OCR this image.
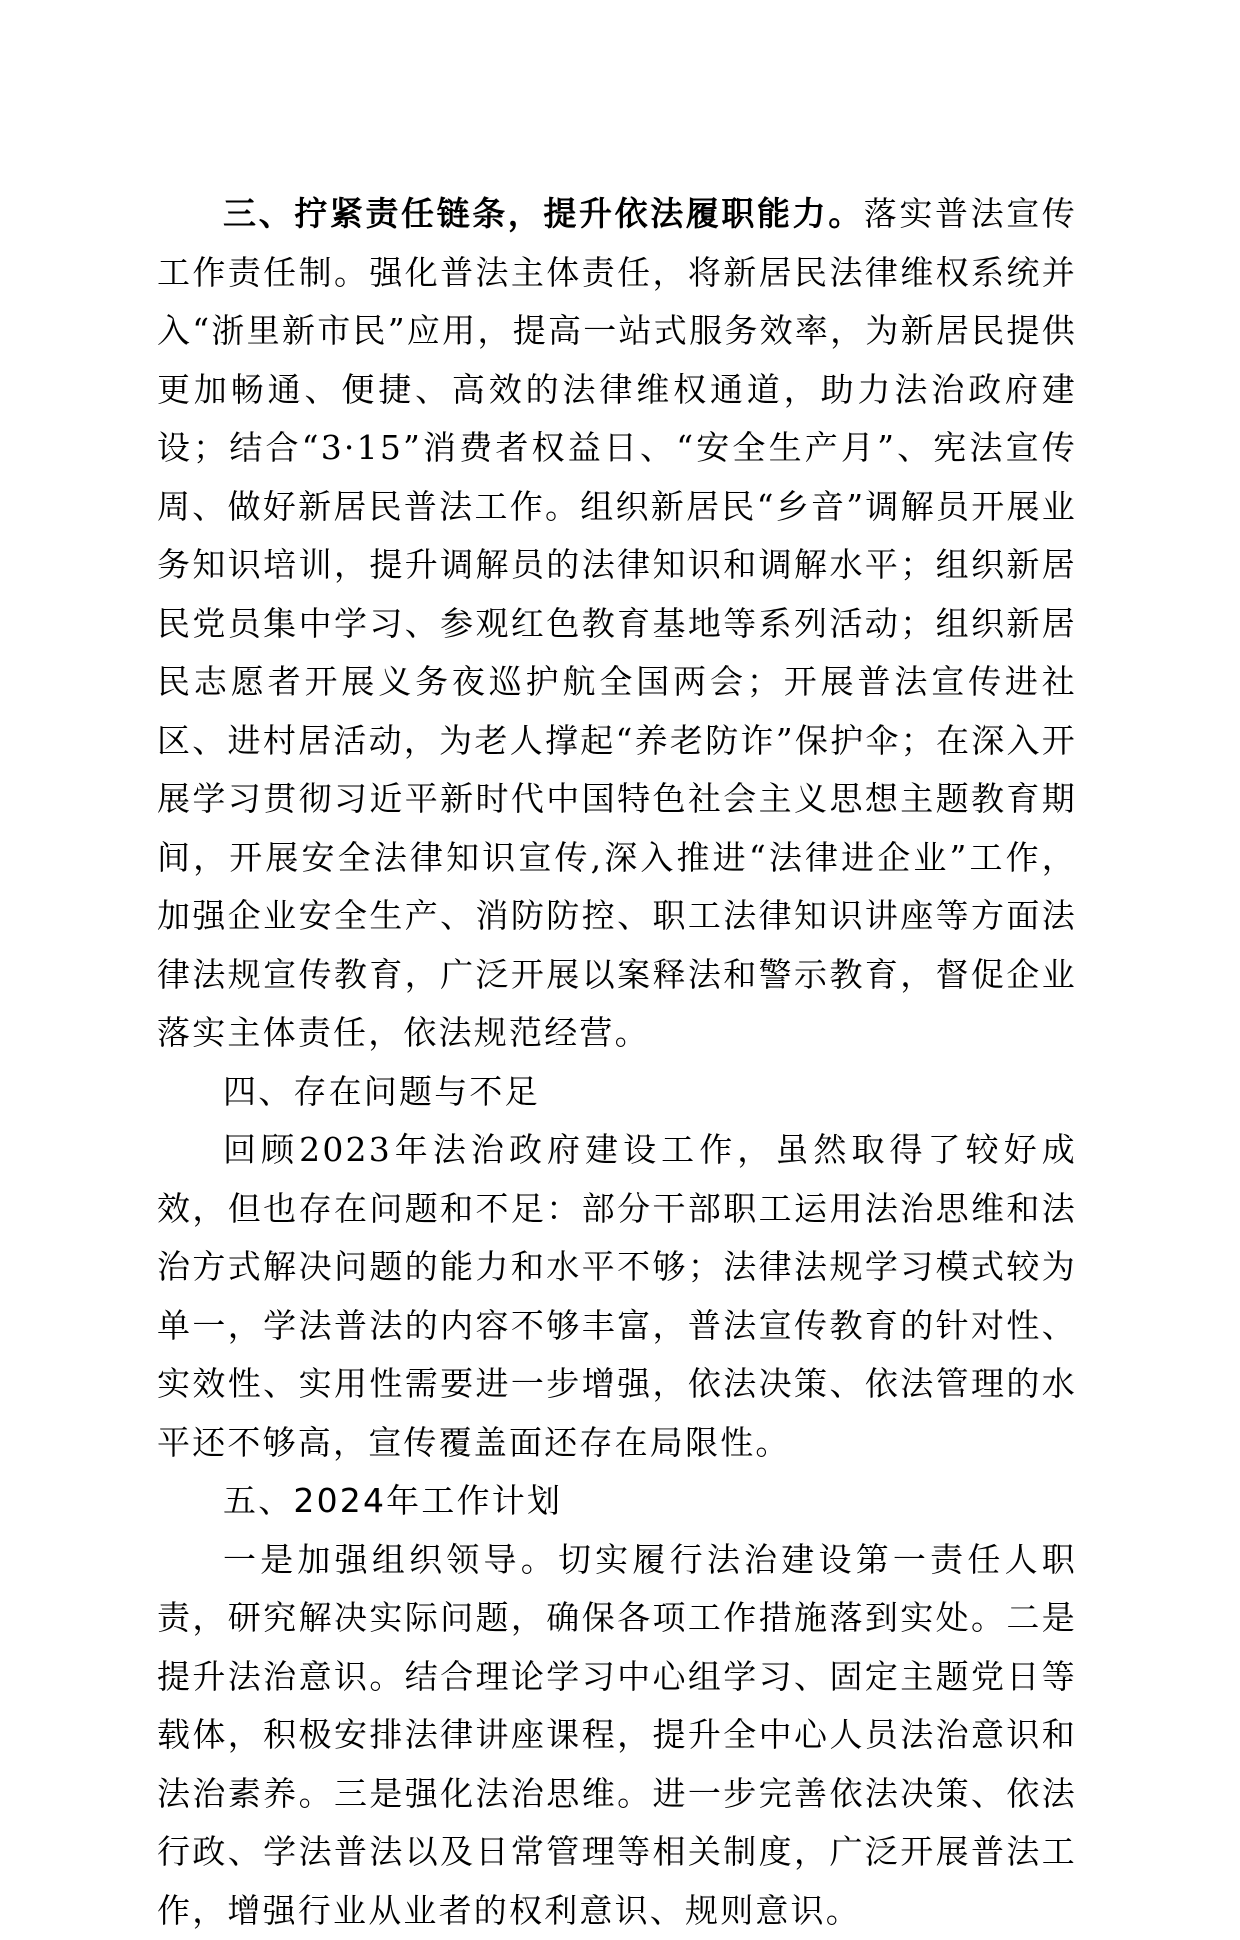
三、拧紧责任链条，提升依法履职能力。落实普法宣传工作责任制。强化普法主体责任，将新居民法律维权系统并入“浙里新市民”应用，提高一站式服务效率，为新居民提供更加畅通、便捷、高效的法律维权通道，助力法治政府建设；结合“3·15”消费者权益日、“安全生产月”、宪法宣传周、做好新居民普法工作。组织新居民“乡音”调解员开展业务知识培训，提升调解员的法律知识和调解水平；组织新居民党员集中学习、参观红色教育基地等系列活动；组织新居民志愿者开展义务夜巡护航全国两会；开展普法宣传进社区、进村居活动，为老人撑起“养老防诈”保护伞；在深入开展学习贯彻习近平新时代中国特色社会主义思想主题教育期间，开展安全法律知识宣传,深入推进“法律进企业”工作，加强企业安全生产、消防防控、职工法律知识讲座等方面法律法规宣传教育，广泛开展以案释法和警示教育，督促企业落实主体责任，依法规范经营。

四、存在问题与不足

回顾2023年法治政府建设工作，虽然取得了较好成效，但也存在问题和不足：部分干部职工运用法治思维和法治方式解决问题的能力和水平不够；法律法规学习模式较为单一，学法普法的内容不够丰富，普法宣传教育的针对性、实效性、实用性需要进一步增强，依法决策、依法管理的水平还不够高，宣传覆盖面还存在局限性。

五、2024年工作计划

一是加强组织领导。切实履行法治建设第一责任人职责，研究解决实际问题，确保各项工作措施落到实处。二是提升法治意识。结合理论学习中心组学习、固定主题党日等载体，积极安排法律讲座课程，提升全中心人员法治意识和法治素养。三是强化法治思维。进一步完善依法决策、依法行政、学法普法以及日常管理等相关制度，广泛开展普法工作，增强行业从业者的权利意识、规则意识。
